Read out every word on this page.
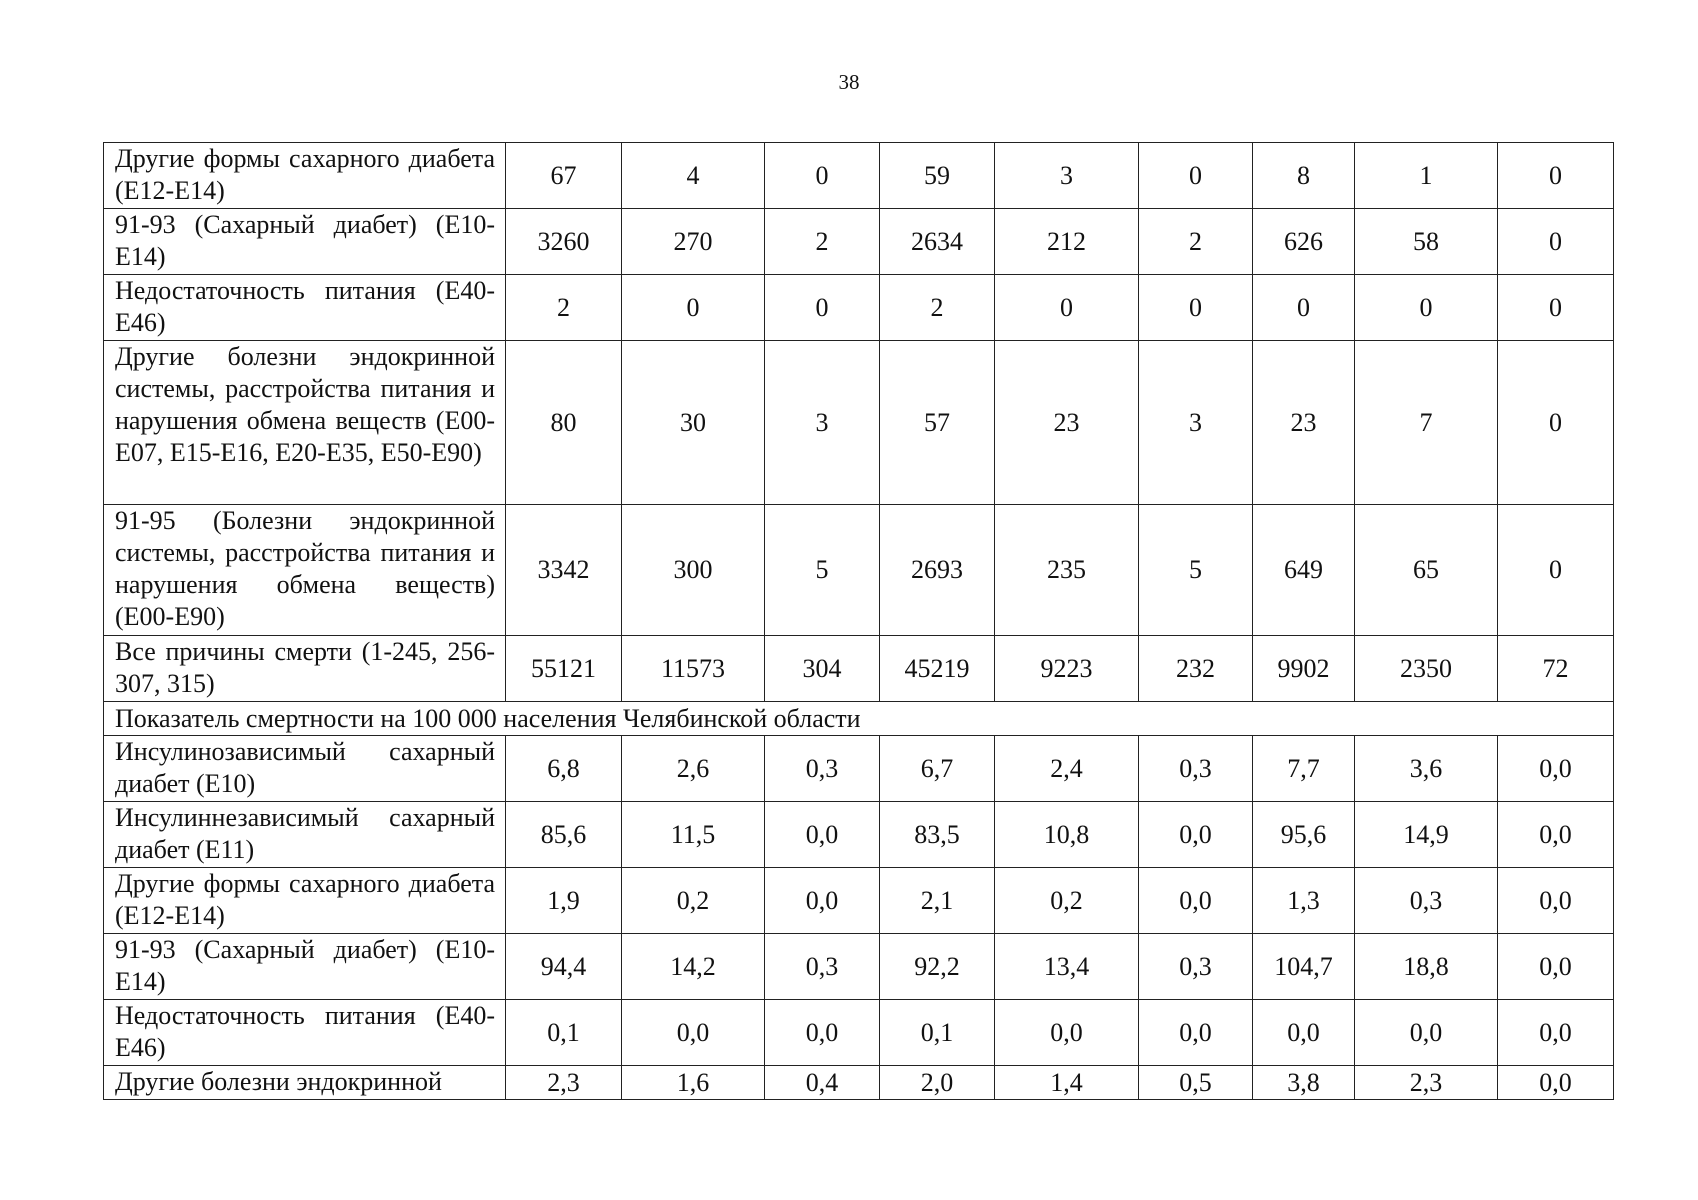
38
Другие формы сахарного диабета (E12-E14)	67	4	0	59	3	0	8	1	0
91-93 (Сахарный диабет) (E10-E14)	3260	270	2	2634	212	2	626	58	0
Недостаточность питания (E40-E46)	2	0	0	2	0	0	0	0	0
Другие болезни эндокринной системы, расстройства питания и нарушения обмена веществ (E00-E07, E15-E16, E20-E35, E50-E90)	80	30	3	57	23	3	23	7	0
91-95 (Болезни эндокринной системы, расстройства питания и нарушения обмена веществ) (E00-E90)	3342	300	5	2693	235	5	649	65	0
Все причины смерти (1-245, 256-307, 315)	55121	11573	304	45219	9223	232	9902	2350	72
Показатель смертности на 100 000 населения Челябинской области									
Инсулинозависимый сахарный диабет (E10)	6,8	2,6	0,3	6,7	2,4	0,3	7,7	3,6	0,0
Инсулиннезависимый сахарный диабет (E11)	85,6	11,5	0,0	83,5	10,8	0,0	95,6	14,9	0,0
Другие формы сахарного диабета (E12-E14)	1,9	0,2	0,0	2,1	0,2	0,0	1,3	0,3	0,0
91-93 (Сахарный диабет) (E10-E14)	94,4	14,2	0,3	92,2	13,4	0,3	104,7	18,8	0,0
Недостаточность питания (E40-E46)	0,1	0,0	0,0	0,1	0,0	0,0	0,0	0,0	0,0
Другие болезни эндокринной	2,3	1,6	0,4	2,0	1,4	0,5	3,8	2,3	0,0
